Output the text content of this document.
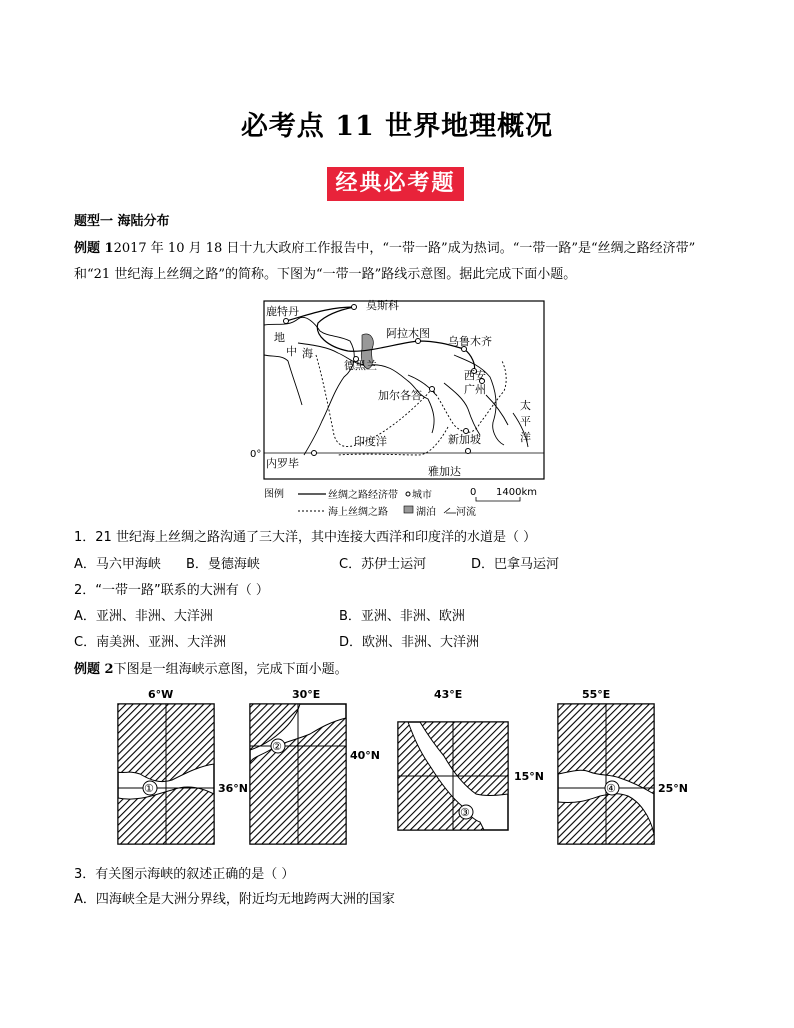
必考点 11 世界地理概况
经典必考题
题型一 海陆分布
例题 12017 年 10 月 18 日十九大政府工作报告中，“一带一路”成为热词。“一带一路”是“丝绸之路经济带”
和“21 世纪海上丝绸之路”的简称。下图为“一带一路”路线示意图。据此完成下面小题。
鹿特丹	莫斯科
地
中 海
阿拉木图
乌鲁木齐
德黑兰
西安
广州
加尔各答
太
平
洋
印度洋	新加坡
0°
内罗毕
雅加达
图例	丝绸之路经济带 城市	0 1400km
海上丝绸之路	湖泊 河流
1．21 世纪海上丝绸之路沟通了三大洋，其中连接大西洋和印度洋的水道是（ ）
A．马六甲海峡 B．曼德海峡	C．苏伊士运河	D．巴拿马运河
2．“一带一路”联系的大洲有（ ）
A．亚洲、非洲、大洋洲	B．亚洲、非洲、欧洲
C．南美洲、亚洲、大洋洲	D．欧洲、非洲、大洋洲
例题 2下图是一组海峡示意图，完成下面小题。
6°W
①	36°N
30°E
②
40°N
43°E
③
15°N
55°E
④	25°N
3．有关图示海峡的叙述正确的是（ ）
A．四海峡全是大洲分界线，附近均无地跨两大洲的国家
